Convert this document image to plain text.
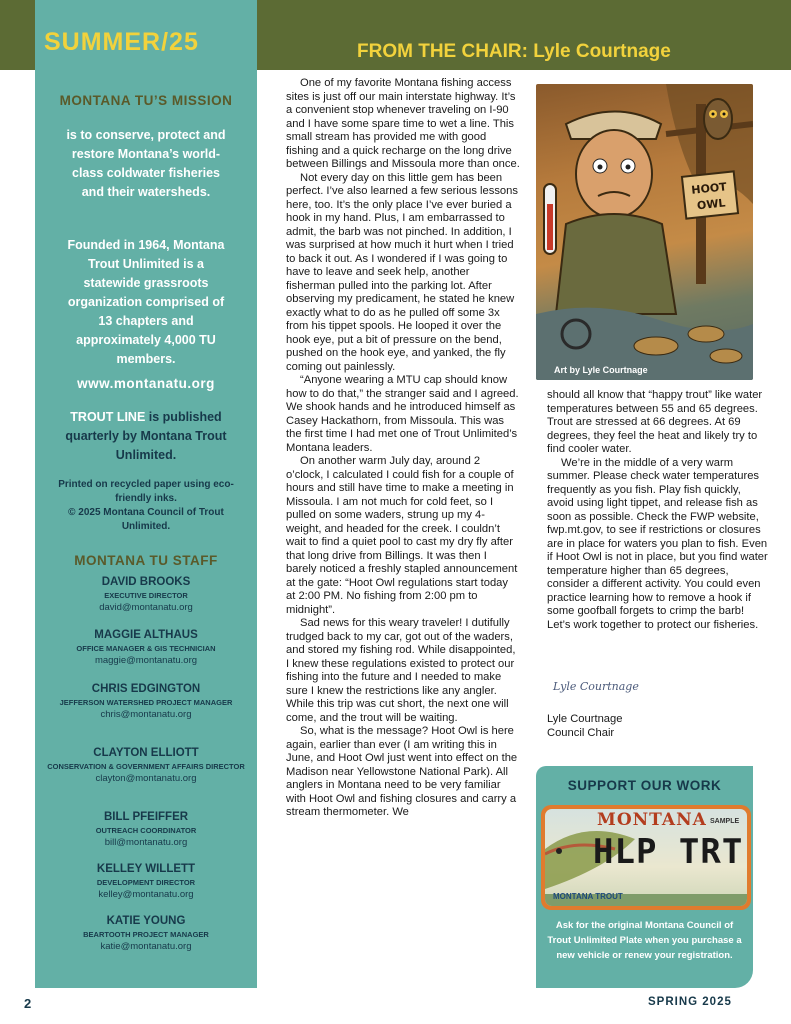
SUMMER/25	FROM THE CHAIR: Lyle Courtnage
MONTANA TU’S MISSION
is to conserve, protect and restore Montana’s world-class coldwater fisheries and their watersheds.
Founded in 1964, Montana Trout Unlimited is a statewide grassroots organization comprised of 13 chapters and approximately 4,000 TU members.
www.montanatu.org
TROUT LINE is published quarterly by Montana Trout Unlimited.
Printed on recycled paper using eco-friendly inks.
© 2025 Montana Council of Trout Unlimited.
MONTANA TU STAFF
DAVID BROOKS
EXECUTIVE DIRECTOR
david@montanatu.org
MAGGIE ALTHAUS
OFFICE MANAGER & GIS TECHNICIAN
maggie@montanatu.org
CHRIS EDGINGTON
JEFFERSON WATERSHED PROJECT MANAGER
chris@montanatu.org
CLAYTON ELLIOTT
CONSERVATION & GOVERNMENT AFFAIRS DIRECTOR
clayton@montanatu.org
BILL PFEIFFER
OUTREACH COORDINATOR
bill@montanatu.org
KELLEY WILLETT
DEVELOPMENT DIRECTOR
kelley@montanatu.org
KATIE YOUNG
BEARTOOTH PROJECT MANAGER
katie@montanatu.org

One of my favorite Montana fishing access sites is just off our main interstate highway. It’s a convenient stop whenever traveling on I-90 and I have some spare time to wet a line. This small stream has provided me with good fishing and a quick recharge on the long drive between Billings and Missoula more than once.

Not every day on this little gem has been perfect. I’ve also learned a few serious lessons here, too. It’s the only place I’ve ever buried a hook in my hand. Plus, I am embarrassed to admit, the barb was not pinched. In addition, I was surprised at how much it hurt when I tried to back it out. As I wondered if I was going to have to leave and seek help, another fisherman pulled into the parking lot. After observing my predicament, he stated he knew exactly what to do as he pulled off some 3x from his tippet spools. He looped it over the hook eye, put a bit of pressure on the bend, pushed on the hook eye, and yanked, the fly coming out painlessly.

“Anyone wearing a MTU cap should know how to do that,” the stranger said and I agreed. We shook hands and he introduced himself as Casey Hackathorn, from Missoula. This was the first time I had met one of Trout Unlimited’s Montana leaders.

On another warm July day, around 2 o’clock, I calculated I could fish for a couple of hours and still have time to make a meeting in Missoula. I am not much for cold feet, so I pulled on some waders, strung up my 4-weight, and headed for the creek. I couldn’t wait to find a quiet pool to cast my dry fly after that long drive from Billings. It was then I barely noticed a freshly stapled announcement at the gate: “Hoot Owl regulations start today at 2:00 PM. No fishing from 2:00 pm to midnight”.

Sad news for this weary traveler! I dutifully trudged back to my car, got out of the waders, and stored my fishing rod. While disappointed, I knew these regulations existed to protect our fishing into the future and I needed to make sure I knew the restrictions like any angler. While this trip was cut short, the next one will come, and the trout will be waiting.

So, what is the message? Hoot Owl is here again, earlier than ever (I am writing this in June, and Hoot Owl just went into effect on the Madison near Yellowstone National Park). All anglers in Montana need to be very familiar with Hoot Owl and fishing closures and carry a stream thermometer. We

HOOT
OWL
Art by Lyle Courtnage

should all know that “happy trout” like water temperatures between 55 and 65 degrees. Trout are stressed at 66 degrees. At 69 degrees, they feel the heat and likely try to find cooler water.

We’re in the middle of a very warm summer. Please check water temperatures frequently as you fish. Play fish quickly, avoid using light tippet, and release fish as soon as possible. Check the FWP website, fwp.mt.gov, to see if restrictions or closures are in place for waters you plan to fish. Even if Hoot Owl is not in place, but you find water temperature higher than 65 degrees, consider a different activity. You could even practice learning how to remove a hook if some goofball forgets to crimp the barb! Let’s work together to protect our fisheries.

Lyle Courtnage
Lyle Courtnage
Council Chair
SUPPORT OUR WORK
MONTANA SAMPLE
HLP TRT
MONTANA TROUT
Ask for the original Montana Council of Trout Unlimited Plate when you purchase a new vehicle or renew your registration.
2	SPRING 2025
